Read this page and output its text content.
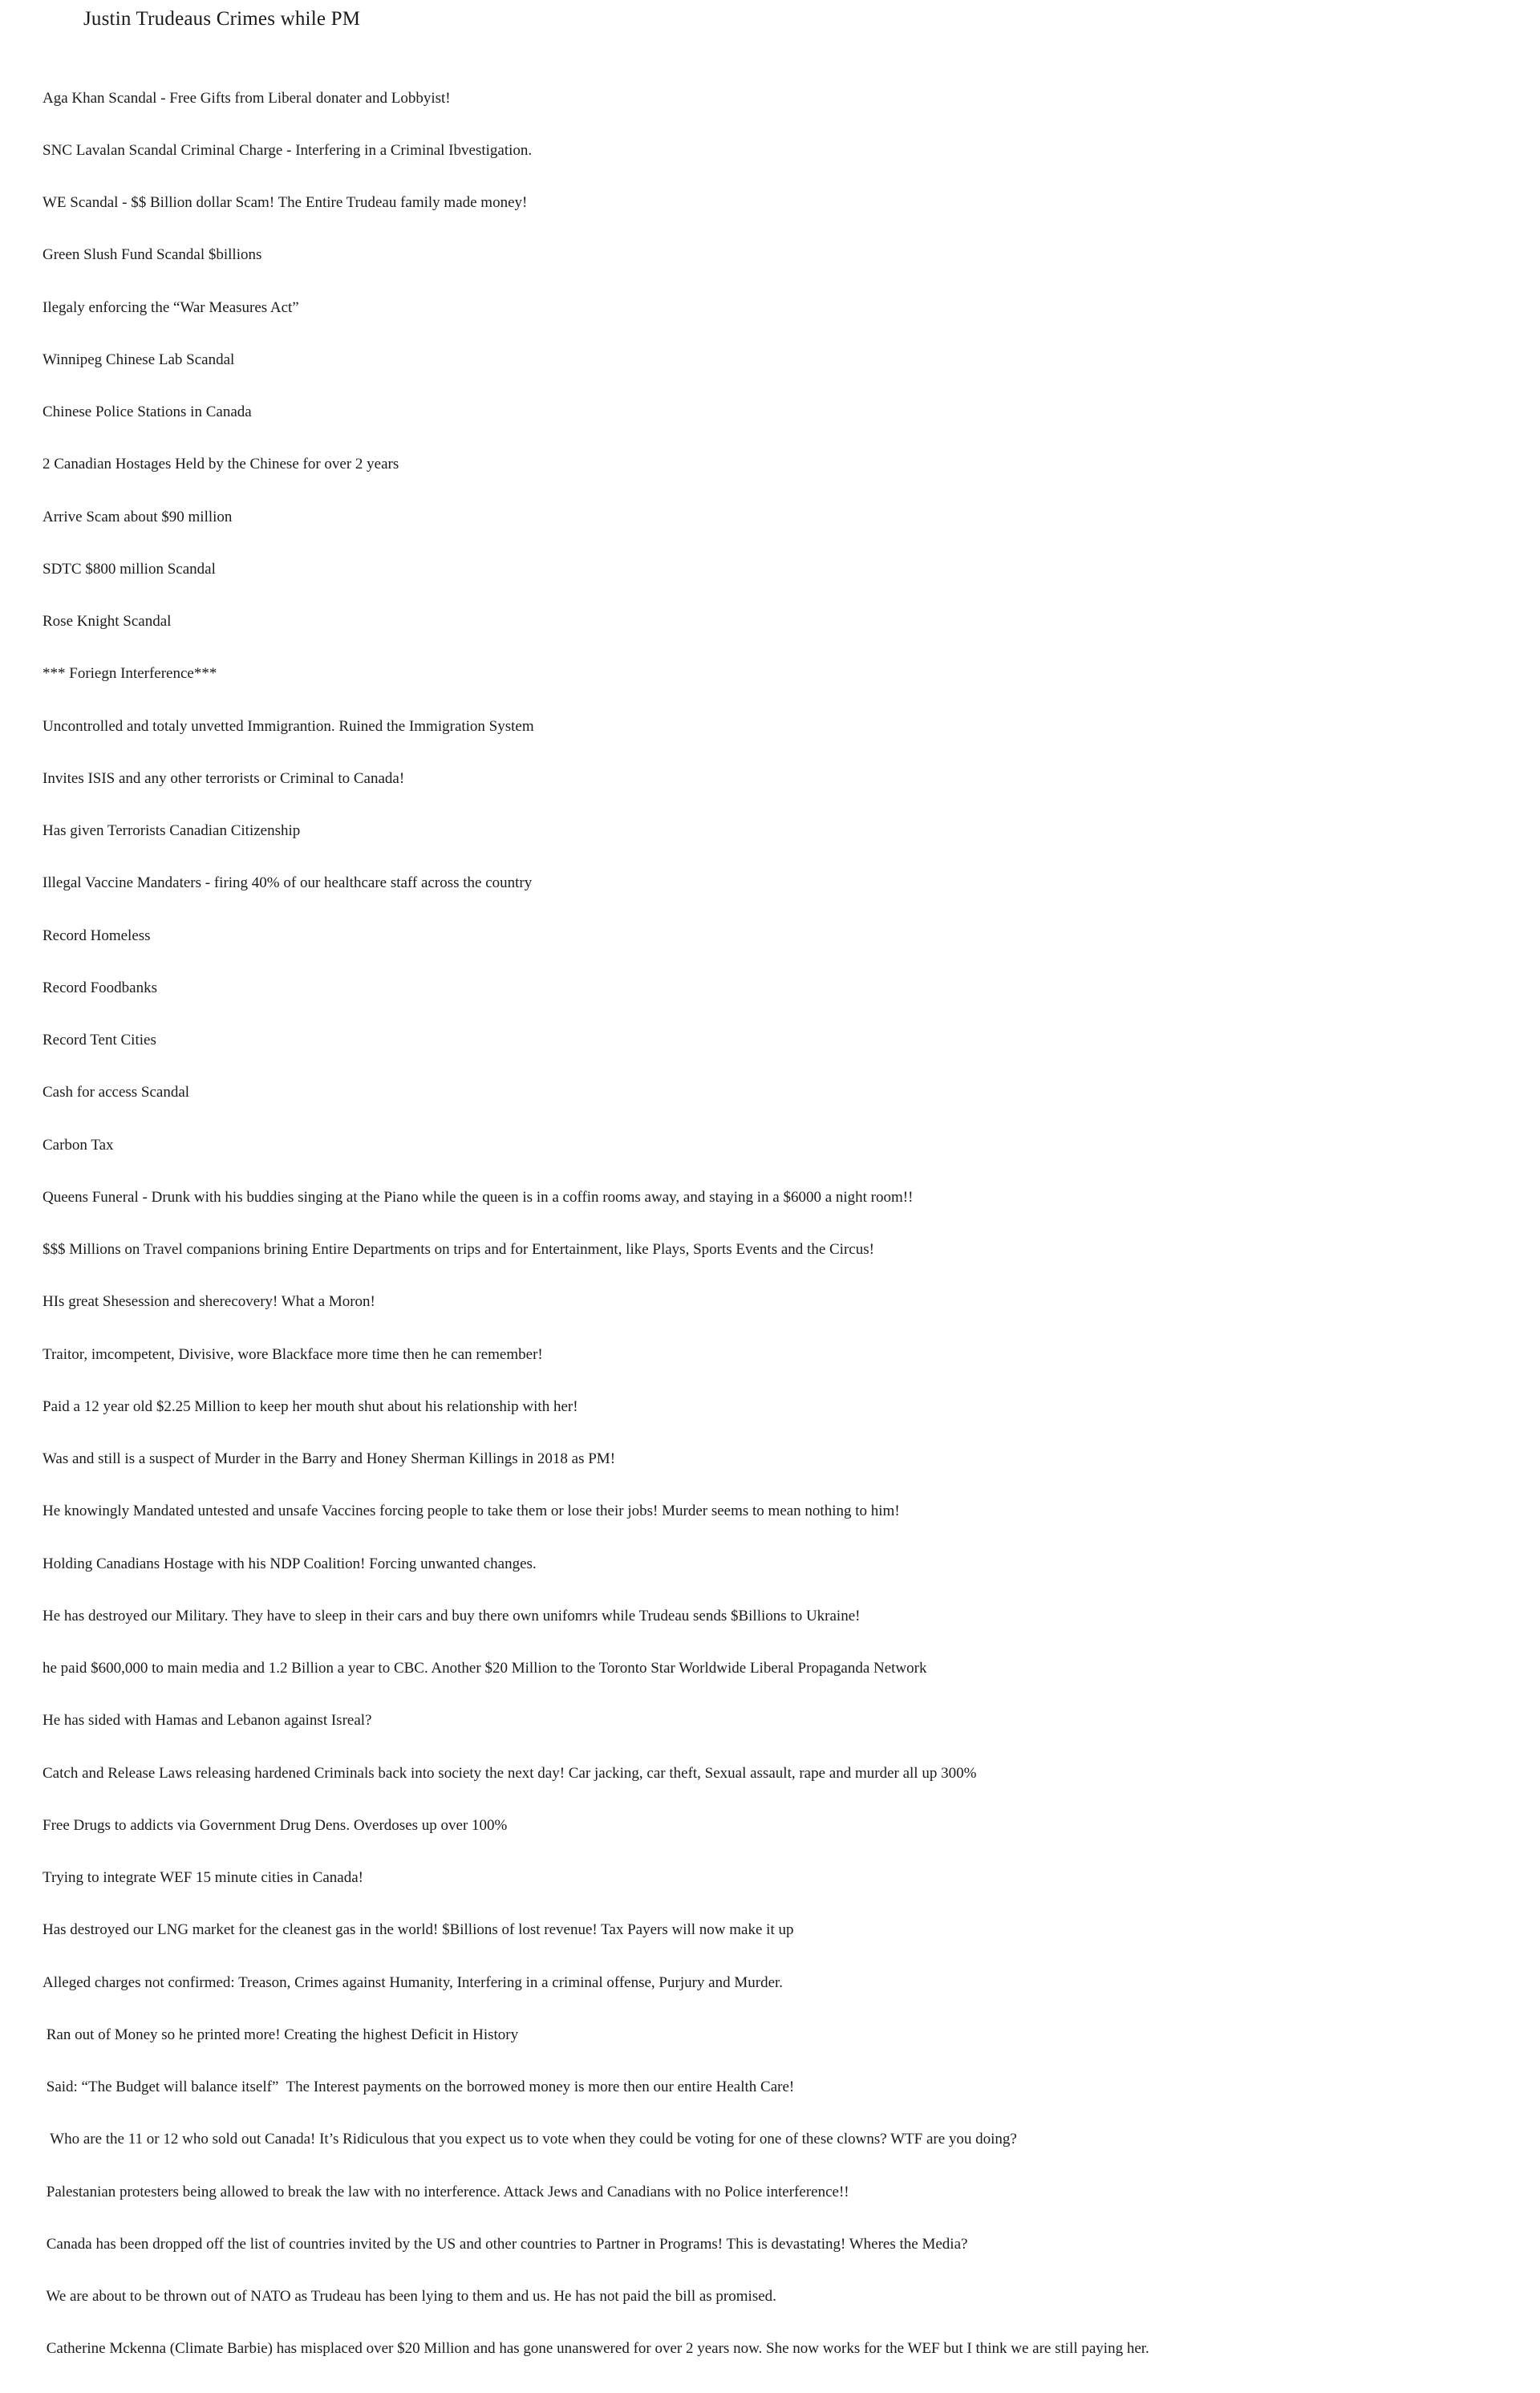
Justin Trudeaus Crimes while PM

Aga Khan Scandal - Free Gifts from Liberal donater and Lobbyist!

SNC Lavalan Scandal Criminal Charge - Interfering in a Criminal Ibvestigation.

WE Scandal - $$ Billion dollar Scam! The Entire Trudeau family made money!

Green Slush Fund Scandal $billions

Ilegaly enforcing the “War Measures Act”

Winnipeg Chinese Lab Scandal

Chinese Police Stations in Canada

2 Canadian Hostages Held by the Chinese for over 2 years

Arrive Scam about $90 million

SDTC $800 million Scandal

Rose Knight Scandal

*** Foriegn Interference***

Uncontrolled and totaly unvetted Immigrantion. Ruined the Immigration System

Invites ISIS and any other terrorists or Criminal to Canada!

Has given Terrorists Canadian Citizenship

Illegal Vaccine Mandaters - firing 40% of our healthcare staff across the country

Record Homeless

Record Foodbanks

Record Tent Cities

Cash for access Scandal

Carbon Tax

Queens Funeral - Drunk with his buddies singing at the Piano while the queen is in a coffin rooms away, and staying in a $6000 a night room!!

$$$ Millions on Travel companions brining Entire Departments on trips and for Entertainment, like Plays, Sports Events and the Circus!

HIs great Shesession and sherecovery! What a Moron!

Traitor, imcompetent, Divisive, wore Blackface more time then he can remember!

Paid a 12 year old $2.25 Million to keep her mouth shut about his relationship with her!

Was and still is a suspect of Murder in the Barry and Honey Sherman Killings in 2018 as PM!

He knowingly Mandated untested and unsafe Vaccines forcing people to take them or lose their jobs! Murder seems to mean nothing to him!

Holding Canadians Hostage with his NDP Coalition! Forcing unwanted changes.

He has destroyed our Military. They have to sleep in their cars and buy there own unifomrs while Trudeau sends $Billions to Ukraine!

he paid $600,000 to main media and 1.2 Billion a year to CBC. Another $20 Million to the Toronto Star Worldwide Liberal Propaganda Network

He has sided with Hamas and Lebanon against Isreal?

Catch and Release Laws releasing hardened Criminals back into society the next day! Car jacking, car theft, Sexual assault, rape and murder all up 300%

Free Drugs to addicts via Government Drug Dens. Overdoses up over 100%

Trying to integrate WEF 15 minute cities in Canada!

Has destroyed our LNG market for the cleanest gas in the world! $Billions of lost revenue! Tax Payers will now make it up

Alleged charges not confirmed: Treason, Crimes against Humanity, Interfering in a criminal offense, Purjury and Murder.

Ran out of Money so he printed more! Creating the highest Deficit in History

Said: “The Budget will balance itself”  The Interest payments on the borrowed money is more then our entire Health Care!

Who are the 11 or 12 who sold out Canada! It’s Ridiculous that you expect us to vote when they could be voting for one of these clowns? WTF are you doing?

Palestanian protesters being allowed to break the law with no interference. Attack Jews and Canadians with no Police interference!!

Canada has been dropped off the list of countries invited by the US and other countries to Partner in Programs! This is devastating! Wheres the Media?

We are about to be thrown out of NATO as Trudeau has been lying to them and us. He has not paid the bill as promised.

Catherine Mckenna (Climate Barbie) has misplaced over $20 Million and has gone unanswered for over 2 years now. She now works for the WEF but I think we are still paying her.
